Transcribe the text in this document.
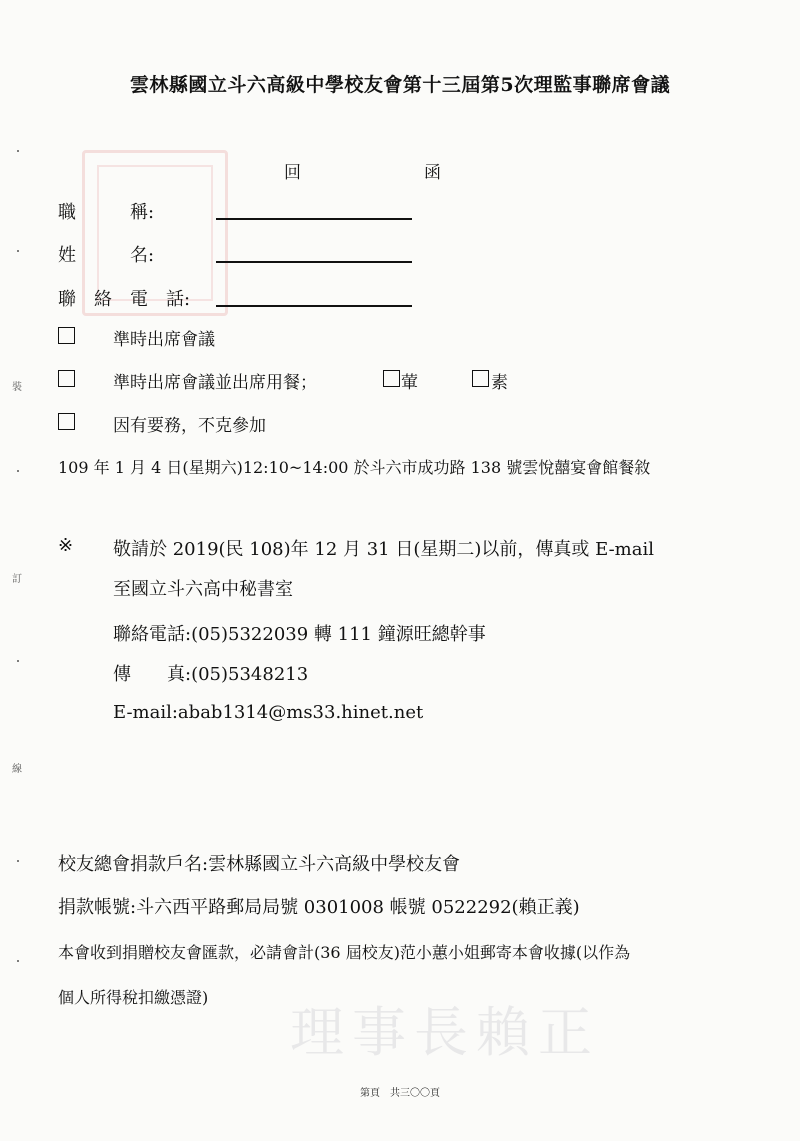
理事長賴正
裝
訂
線
雲林縣國立斗六高級中學校友會第十三屆第5次理監事聯席會議
回	函
職　　　稱:
姓　　　名:
聯　絡　電　話:
準時出席會議
準時出席會議並出席用餐；	葷	素
因有要務，不克參加
109 年 1 月 4 日(星期六)12:10~14:00 於斗六市成功路 138 號雲悅囍宴會館餐敘
※ 敬請於 2019(民 108)年 12 月 31 日(星期二)以前，傳真或 E-mail
至國立斗六高中秘書室
聯絡電話:(05)5322039 轉 111 鐘源旺總幹事
傳　　真:(05)5348213
E-mail:abab1314@ms33.hinet.net
校友總會捐款戶名:雲林縣國立斗六高級中學校友會
捐款帳號:斗六西平路郵局局號 0301008 帳號 0522292(賴正義)
本會收到捐贈校友會匯款，必請會計(36 屆校友)范小蕙小姐郵寄本會收據(以作為
個人所得稅扣繳憑證)
第頁　共三〇〇頁
